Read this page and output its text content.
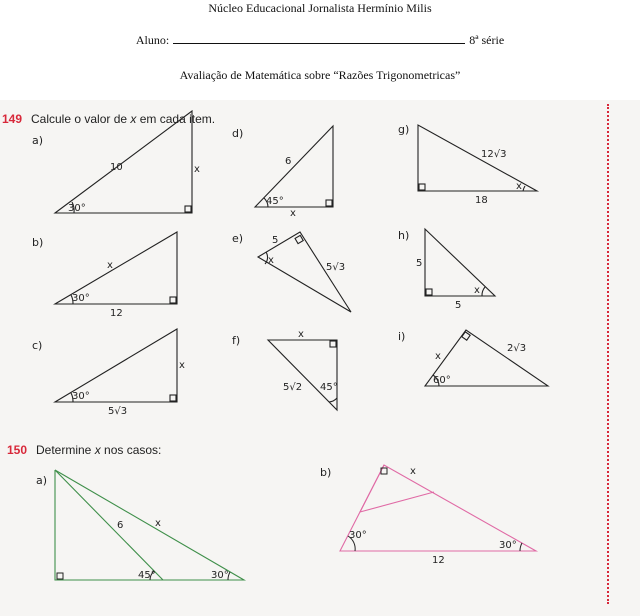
Núcleo Educacional Jornalista Hermínio Milis
Aluno:	8ª série
Avaliação de Matemática sobre “Razões Trigonometricas”
149 Calcule o valor de x em cada item.
a)
10	x
30°
b)
x
12
30°
c)
x
5√3
30°
d)
6
x
45°
e)	5
5√3
x
f)	x
5√2 45°
g)
12√3
18
x
h)
5
5
x
i)
x
2√3
60°
150 Determine x nos casos:
a)
6	x
45°	30°
b)	x
12
30°
30°
